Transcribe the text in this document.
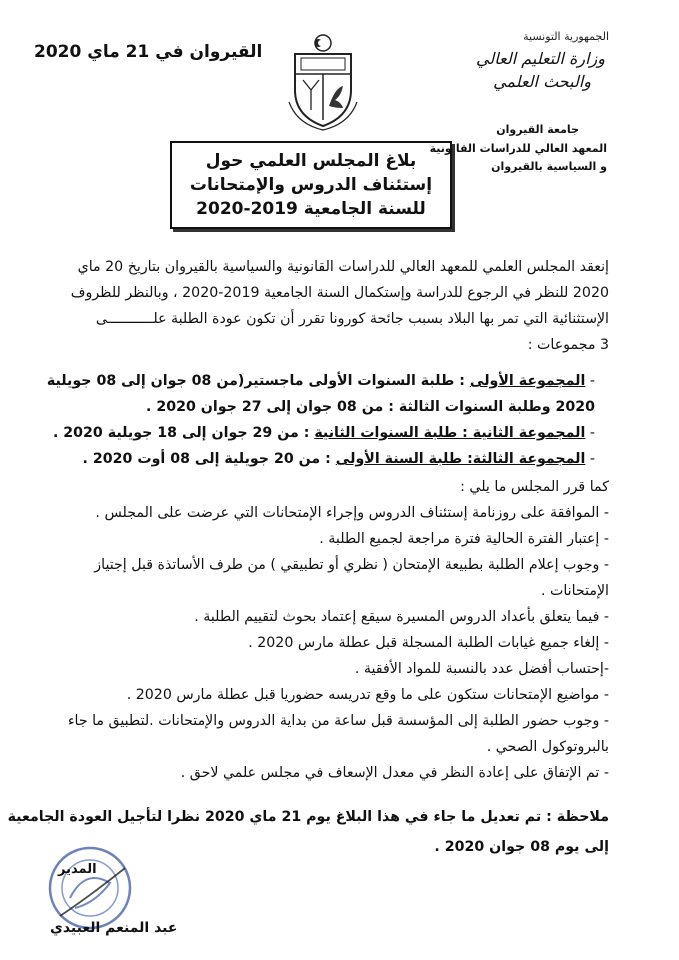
القيروان في 21 ماي 2020
الجمهورية التونسية
وزارة التعليم العالي
والبحث العلمي
جامعة القيروان
المعهد العالي للدراسات القانونية
و السياسية بالقيروان
بلاغ المجلس العلمي حول
إستئناف الدروس والإمتحانات
للسنة الجامعية 2019-2020
إنعقد المجلس العلمي للمعهد العالي للدراسات القانونية والسياسية بالقيروان بتاريخ 20 ماي
2020 للنظر في الرجوع للدراسة وإستكمال السنة الجامعية 2019-2020 ، وبالنظر للظروف
الإستثنائية التي تمر بها البلاد بسبب جائحة كورونا تقرر أن تكون عودة الطلبة علـــــــــــى
3 مجموعات :
- المجموعة الأولى : طلبة السنوات الأولى ماجستير(من 08 جوان إلى 08 جويلية
2020 وطلبة السنوات الثالثة : من 08 جوان إلى 27 جوان 2020 .
- المجموعة الثانية : طلبة السنوات الثانية : من 29 جوان إلى 18 جويلية 2020 .
- المجموعة الثالثة: طلبة السنة الأولى : من 20 جويلية إلى 08 أوت 2020 .
كما قرر المجلس ما يلي :
- الموافقة على روزنامة إستئناف الدروس وإجراء الإمتحانات التي عرضت على المجلس .
- إعتبار الفترة الحالية فترة مراجعة لجميع الطلبة .
- وجوب إعلام الطلبة بطبيعة الإمتحان ( نظري أو تطبيقي ) من طرف الأساتذة قبل إجتياز
الإمتحانات .
- فيما يتعلق بأعداد الدروس المسيرة سيقع إعتماد بحوث لتقييم الطلبة .
- إلغاء جميع غيابات الطلبة المسجلة قبل عطلة مارس 2020 .
-إحتساب أفضل عدد بالنسبة للمواد الأفقية .
- مواضيع الإمتحانات ستكون على ما وقع تدريسه حضوريا قبل عطلة مارس 2020 .
- وجوب حضور الطلبة إلى المؤسسة قبل ساعة من بداية الدروس والإمتحانات .لتطبيق ما جاء
بالبروتوكول الصحي .
- تم الإتفاق على إعادة النظر في معدل الإسعاف في مجلس علمي لاحق .
ملاحظة : تم تعديل ما جاء في هذا البلاغ يوم 21 ماي 2020 نظرا لتأجيل العودة الجامعية
إلى يوم 08 جوان 2020 .
المدير
عبد المنعم العبيدي
